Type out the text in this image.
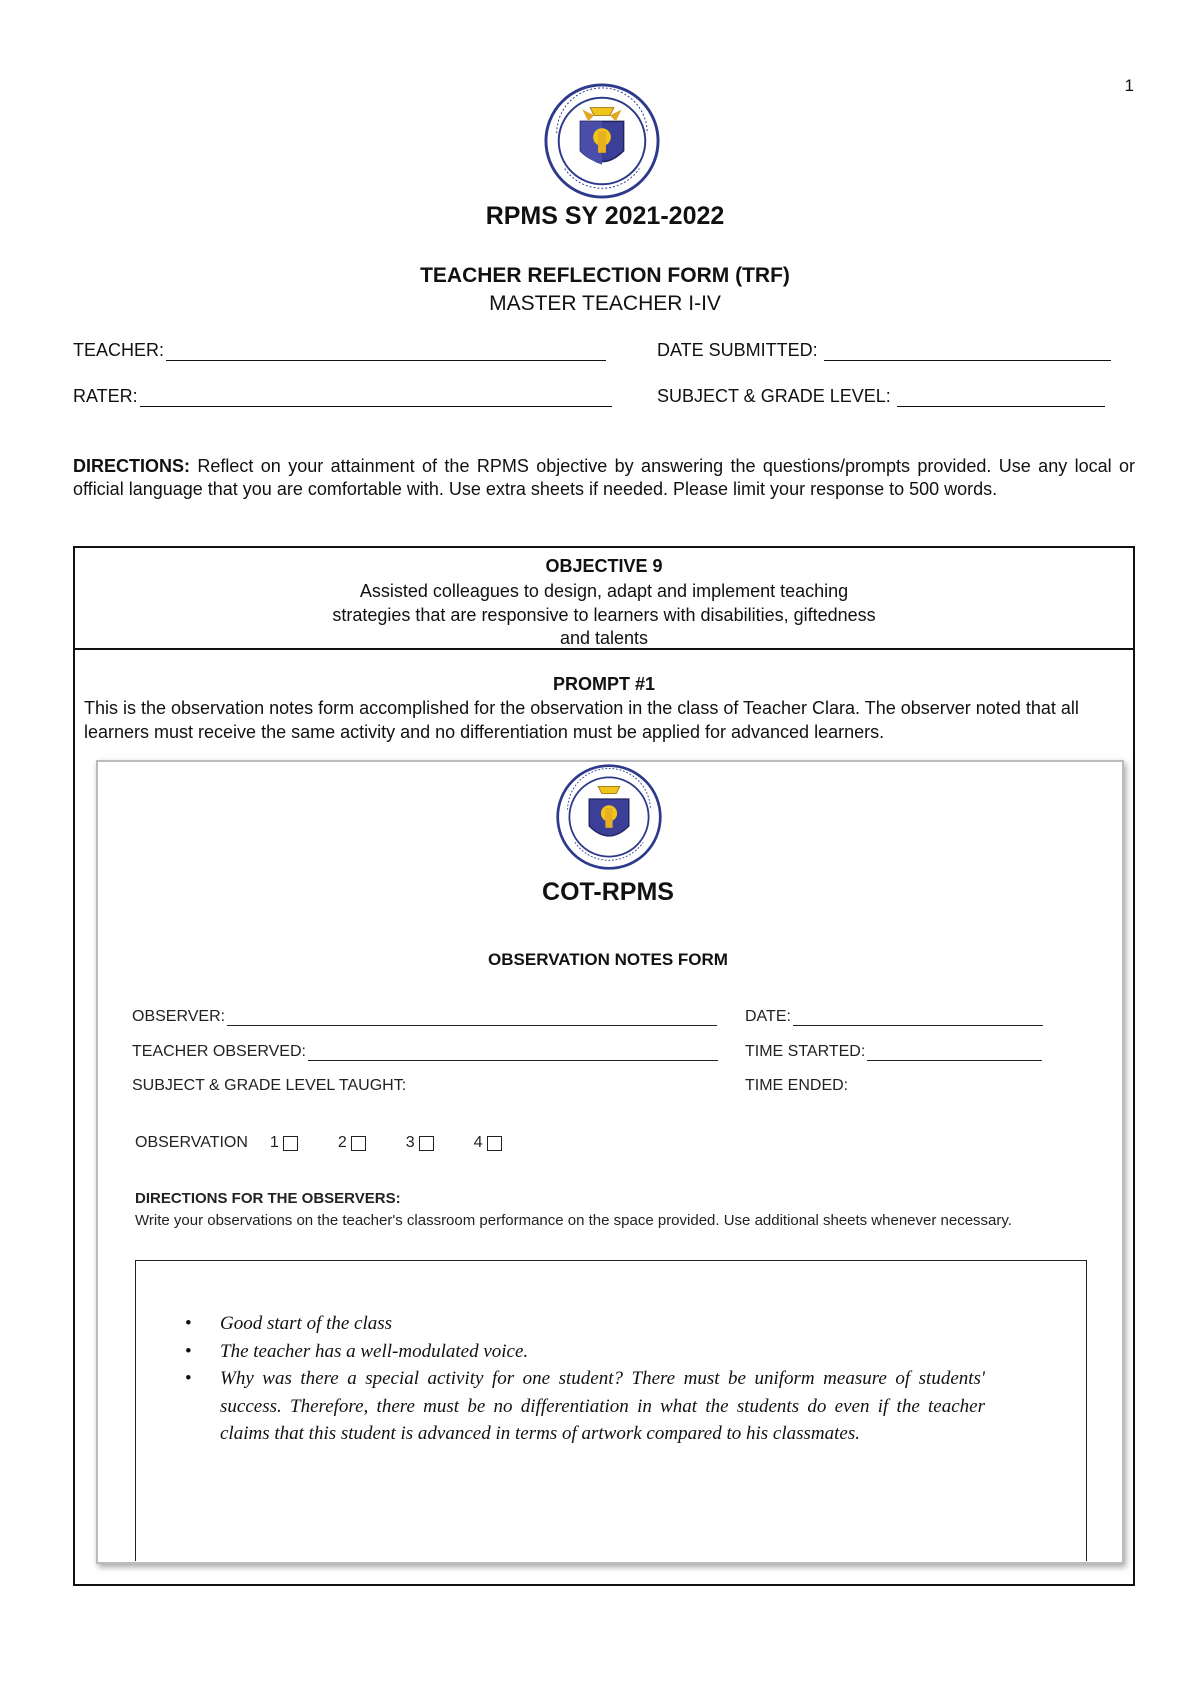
1
RPMS SY 2021-2022
TEACHER REFLECTION FORM (TRF)
MASTER TEACHER I-IV
TEACHER:	DATE SUBMITTED:
RATER:	SUBJECT & GRADE LEVEL:
DIRECTIONS: Reflect on your attainment of the RPMS objective by answering the questions/prompts provided. Use any local or official language that you are comfortable with. Use extra sheets if needed. Please limit your response to 500 words.
OBJECTIVE 9
Assisted colleagues to design, adapt and implement teaching
strategies that are responsive to learners with disabilities, giftedness
and talents
PROMPT #1
This is the observation notes form accomplished for the observation in the class of Teacher Clara. The observer noted that all learners must receive the same activity and no differentiation must be applied for advanced learners.
COT-RPMS
OBSERVATION NOTES FORM
OBSERVER:	DATE:
TEACHER OBSERVED:	TIME STARTED:
SUBJECT & GRADE LEVEL TAUGHT:	TIME ENDED:
OBSERVATION 1	2	3	4
DIRECTIONS FOR THE OBSERVERS:
Write your observations on the teacher's classroom performance on the space provided. Use additional sheets whenever necessary.
• Good start of the class
• The teacher has a well-modulated voice.
• Why was there a special activity for one student? There must be uniform measure of students' success. Therefore, there must be no differentiation in what the students do even if the teacher claims that this student is advanced in terms of artwork compared to his classmates.
